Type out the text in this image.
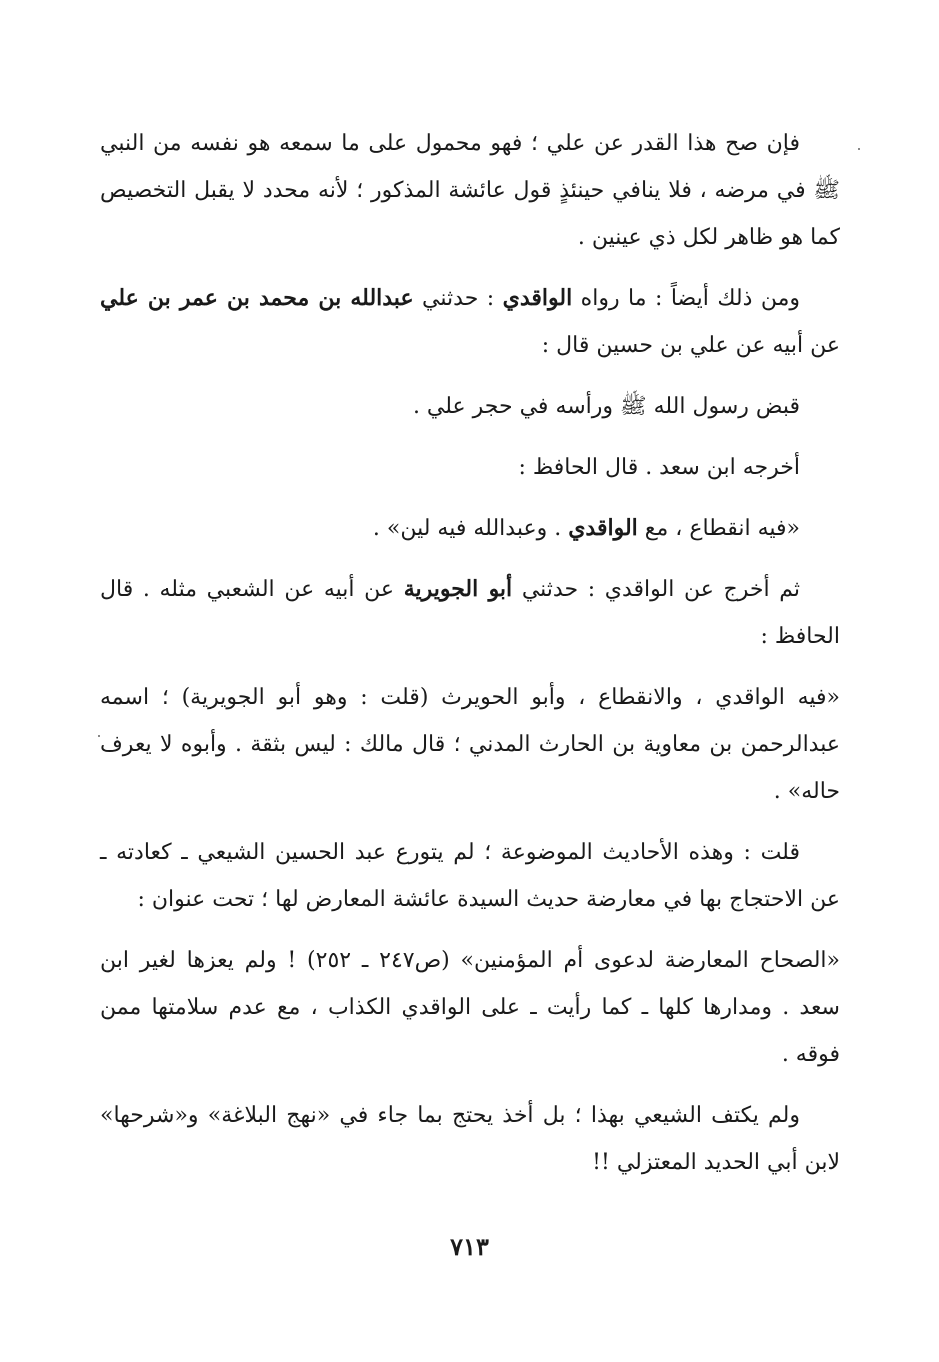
فإن صح هذا القدر عن علي ؛ فهو محمول على ما سمعه هو نفسه من النبي ﷺ في مرضه ، فلا ينافي حينئذٍ قول عائشة المذكور ؛ لأنه محدد لا يقبل التخصيص كما هو ظاهر لكل ذي عينين .
ومن ذلك أيضاً : ما رواه الواقدي : حدثني عبدالله بن محمد بن عمر بن علي عن أبيه عن علي بن حسين قال :
قبض رسول الله ﷺ ورأسه في حجر علي .
أخرجه ابن سعد . قال الحافظ :
«فيه انقطاع ، مع الواقدي . وعبدالله فيه لين» .
ثم أخرج عن الواقدي : حدثني أبو الجويرية عن أبيه عن الشعبي مثله . قال الحافظ :
«فيه الواقدي ، والانقطاع ، وأبو الحويرث (قلت : وهو أبو الجويرية) ؛ اسمه عبدالرحمن بن معاوية بن الحارث المدني ؛ قال مالك : ليس بثقة . وأبوه لا يعرف حاله» .
قلت : وهذه الأحاديث الموضوعة ؛ لم يتورع عبد الحسين الشيعي ـ كعادته ـ عن الاحتجاج بها في معارضة حديث السيدة عائشة المعارض لها ؛ تحت عنوان :
«الصحاح المعارضة لدعوى أم المؤمنين» (ص٢٤٧ ـ ٢٥٢) ! ولم يعزها لغير ابن سعد . ومدارها كلها ـ كما رأيت ـ على الواقدي الكذاب ، مع عدم سلامتها ممن فوقه .
ولم يكتف الشيعي بهذا ؛ بل أخذ يحتج بما جاء في «نهج البلاغة» و«شرحها» لابن أبي الحديد المعتزلي !!
٧١٣
